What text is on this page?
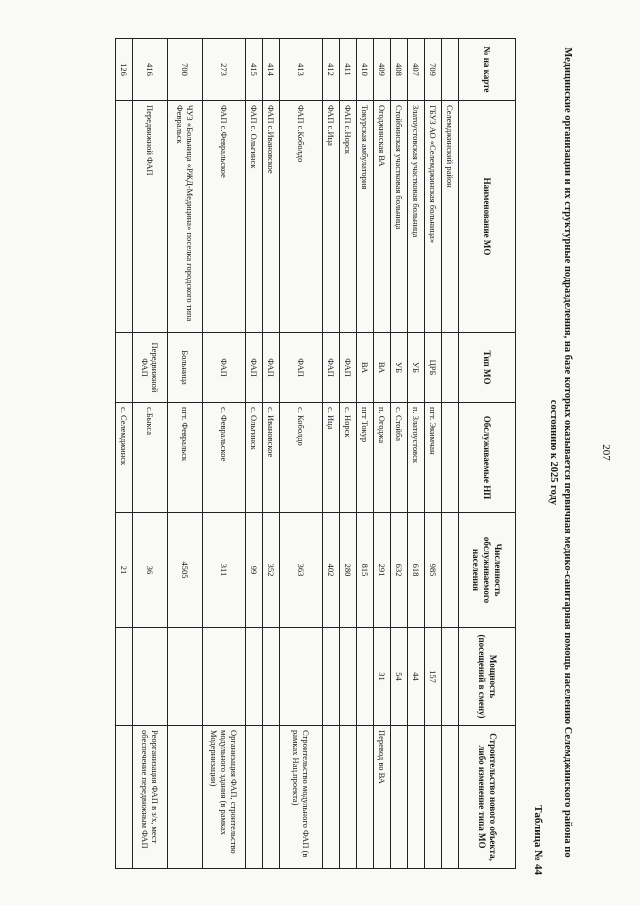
207
Медицинские организации и их структурные подразделения, на базе которых оказывается первичная медико-санитарная помощь населению Селемджинского района по состоянию к 2025 году
Таблица № 44
№ на карте	Наименование МО	Тип МО	Обслуживаемые НП	Численность обслуживаемого населения	Мощность (посещений в смену)	Строительство нового объекта, либо изменение типа МО
	Селемджинский район					
709	ГБУЗ АО «Селемджинская больница»	ЦРБ	пгт. Экимчан	985	157	
407	Златоустовская участковая больница	УБ	п. Златоустовск	618	44	
408	Стойбинская участковая больница	УБ	с. Стойба	632	54	
409	Огоджинская ВА	ВА	п. Огоджа	291	31	Перевод во ВА
410	Токурская амбулатория	ВА	пгт Токур	815		
411	ФАП с.Норск	ФАП	с. Норск	280		
412	ФАП с.Ица	ФАП	с. Ица	402		
413	ФАП с.Коболдо	ФАП	с. Коболдо	363		Строительство модульного ФАП (в рамках Нац.проекта)
414	ФАП с.Ивановское	ФАП	с. Ивановское	352		
415	ФАП с. Ольгинск	ФАП	с. Ольгинск	99		
273	ФАП с.Февральское	ФАП	с. Февральское	311		Организация ФАП, строительство модульного здания (в рамках Модернизации)
700	ЧУЗ «Больница «РЖД-Медицина» поселка городского типа Февральск	Больница	пгт. Февральск	4505		
416	Передвижной ФАП	Передвижной ФАП	с.Быкса	36		Реорганизация ФАП в з/х, мест обеспечение передвижным ФАП
126			с. Селемджинск	21		
